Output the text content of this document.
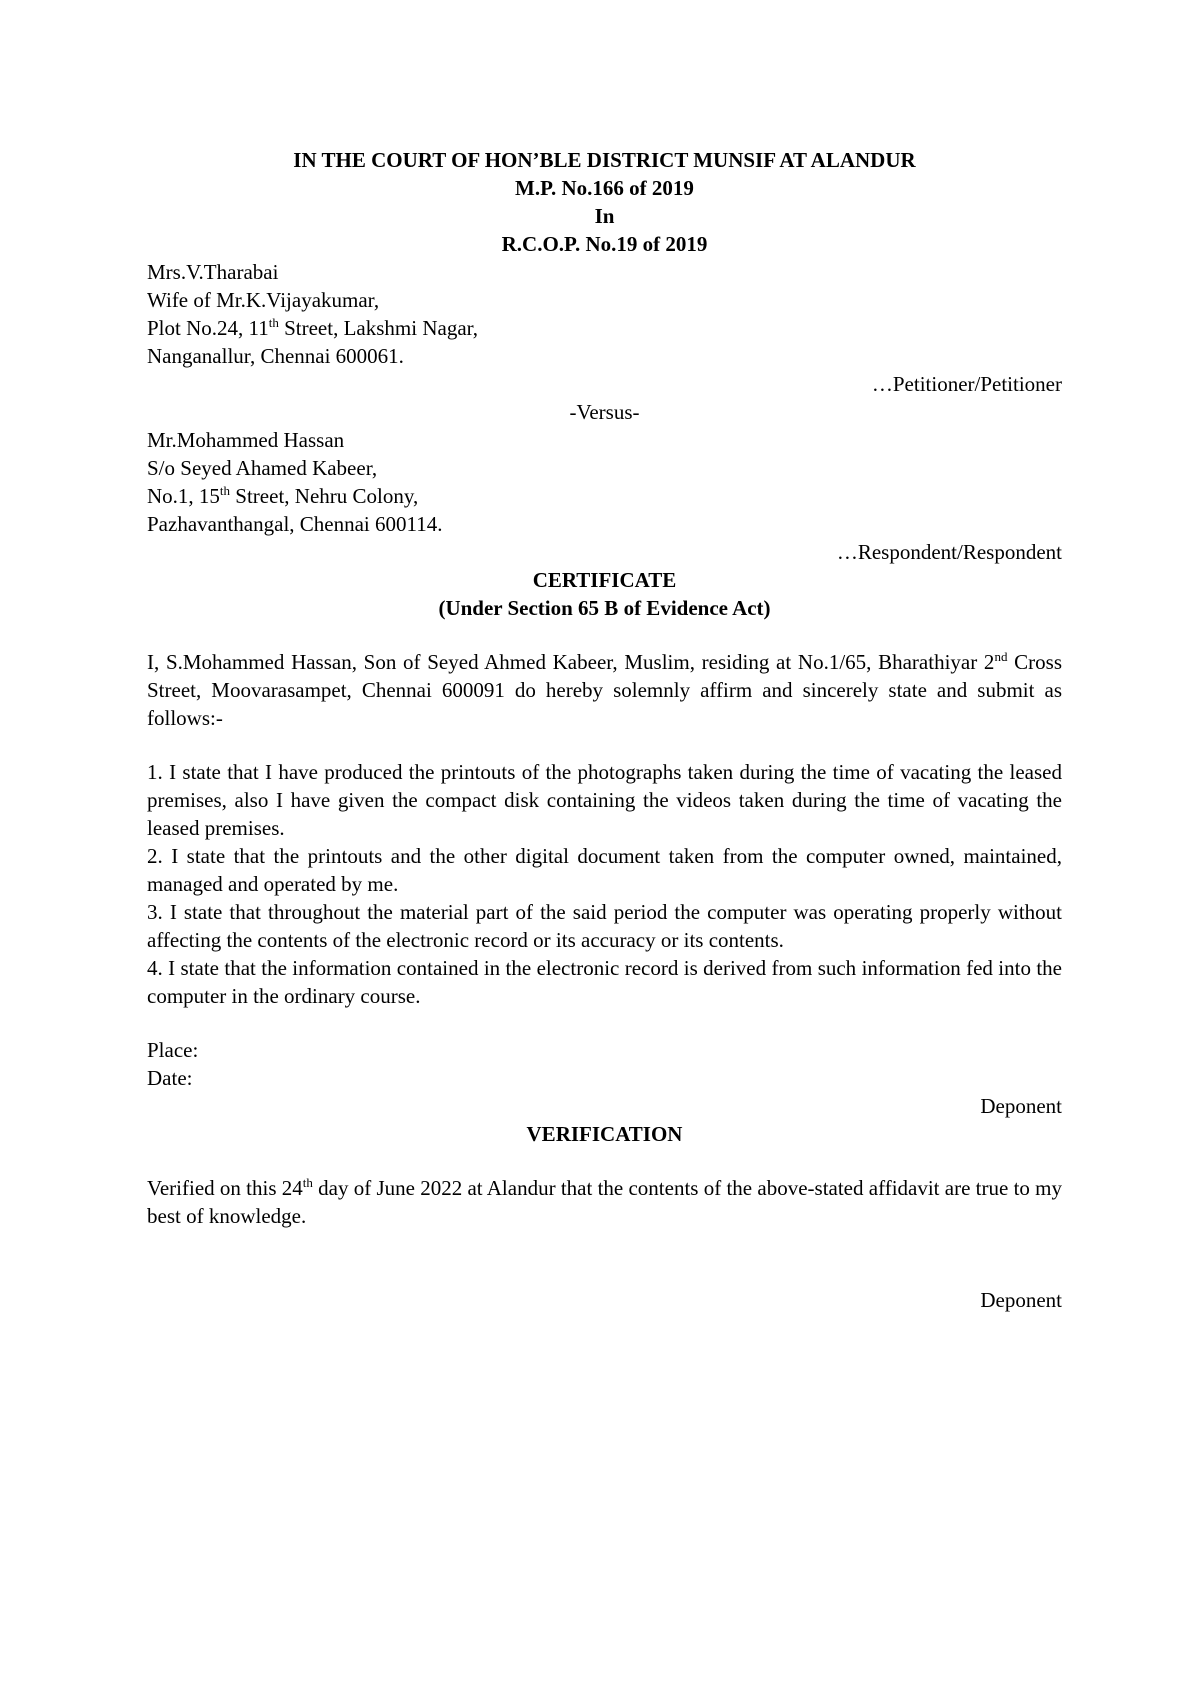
IN THE COURT OF HON’BLE DISTRICT MUNSIF AT ALANDUR
M.P. No.166 of 2019
In
R.C.O.P. No.19 of 2019
Mrs.V.Tharabai
Wife of Mr.K.Vijayakumar,
Plot No.24, 11th Street, Lakshmi Nagar,
Nanganallur, Chennai 600061.
…Petitioner/Petitioner
-Versus-
Mr.Mohammed Hassan
S/o Seyed Ahamed Kabeer,
No.1, 15th Street, Nehru Colony,
Pazhavanthangal, Chennai 600114.
…Respondent/Respondent
CERTIFICATE
(Under Section 65 B of Evidence Act)

I, S.Mohammed Hassan, Son of Seyed Ahmed Kabeer, Muslim, residing at No.1/65, Bharathiyar 2nd Cross Street, Moovarasampet, Chennai 600091 do hereby solemnly affirm and sincerely state and submit as follows:-

1. I state that I have produced the printouts of the photographs taken during the time of vacating the leased premises, also I have given the compact disk containing the videos taken during the time of vacating the leased premises.

2. I state that the printouts and the other digital document taken from the computer owned, maintained, managed and operated by me.

3. I state that throughout the material part of the said period the computer was operating properly without affecting the contents of the electronic record or its accuracy or its contents.

4. I state that the information contained in the electronic record is derived from such information fed into the computer in the ordinary course.

Place:
Date:
Deponent
VERIFICATION

Verified on this 24th day of June 2022 at Alandur that the contents of the above-stated affidavit are true to my best of knowledge.

Deponent
